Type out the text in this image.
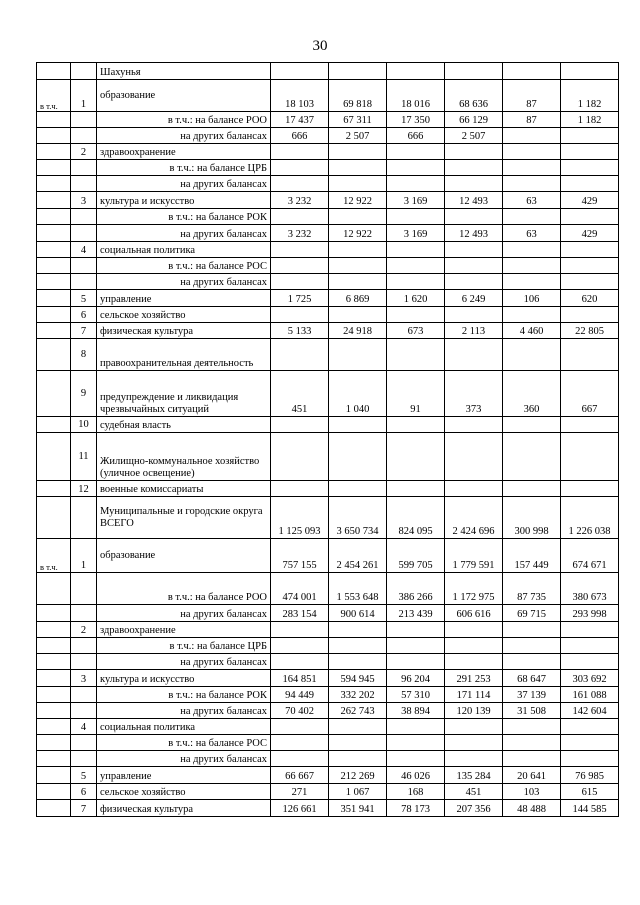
30
		Шахунья						
в т.ч.	1	образование	18 103	69 818	18 016	68 636	87	1 182
		в т.ч.: на балансе РОО	17 437	67 311	17 350	66 129	87	1 182
		на других балансах	666	2 507	666	2 507		
	2	здравоохранение						
		в т.ч.: на балансе ЦРБ						
		на других балансах						
	3	культура и искусство	3 232	12 922	3 169	12 493	63	429
		в т.ч.: на балансе РОК						
		на других балансах	3 232	12 922	3 169	12 493	63	429
	4	социальная политика						
		в т.ч.: на балансе РОС						
		на других балансах						
	5	управление	1 725	6 869	1 620	6 249	106	620
	6	сельское хозяйство						
	7	физическая культура	5 133	24 918	673	2 113	4 460	22 805
	8	правоохранительная деятельность						
	9	предупреждение и ликвидация чрезвычайных ситуаций	451	1 040	91	373	360	667
	10	судебная власть						
	11	Жилищно-коммунальное хозяйство (уличное освещение)						
	12	военные комиссариаты						
		Муниципальные и городские округа ВСЕГО	1 125 093	3 650 734	824 095	2 424 696	300 998	1 226 038
в т.ч.	1	образование	757 155	2 454 261	599 705	1 779 591	157 449	674 671
		в т.ч.: на балансе РОО	474 001	1 553 648	386 266	1 172 975	87 735	380 673
		на других балансах	283 154	900 614	213 439	606 616	69 715	293 998
	2	здравоохранение						
		в т.ч.: на балансе ЦРБ						
		на других балансах						
	3	культура и искусство	164 851	594 945	96 204	291 253	68 647	303 692
		в т.ч.: на балансе РОК	94 449	332 202	57 310	171 114	37 139	161 088
		на других балансах	70 402	262 743	38 894	120 139	31 508	142 604
	4	социальная политика						
		в т.ч.: на балансе РОС						
		на других балансах						
	5	управление	66 667	212 269	46 026	135 284	20 641	76 985
	6	сельское хозяйство	271	1 067	168	451	103	615
	7	физическая культура	126 661	351 941	78 173	207 356	48 488	144 585
